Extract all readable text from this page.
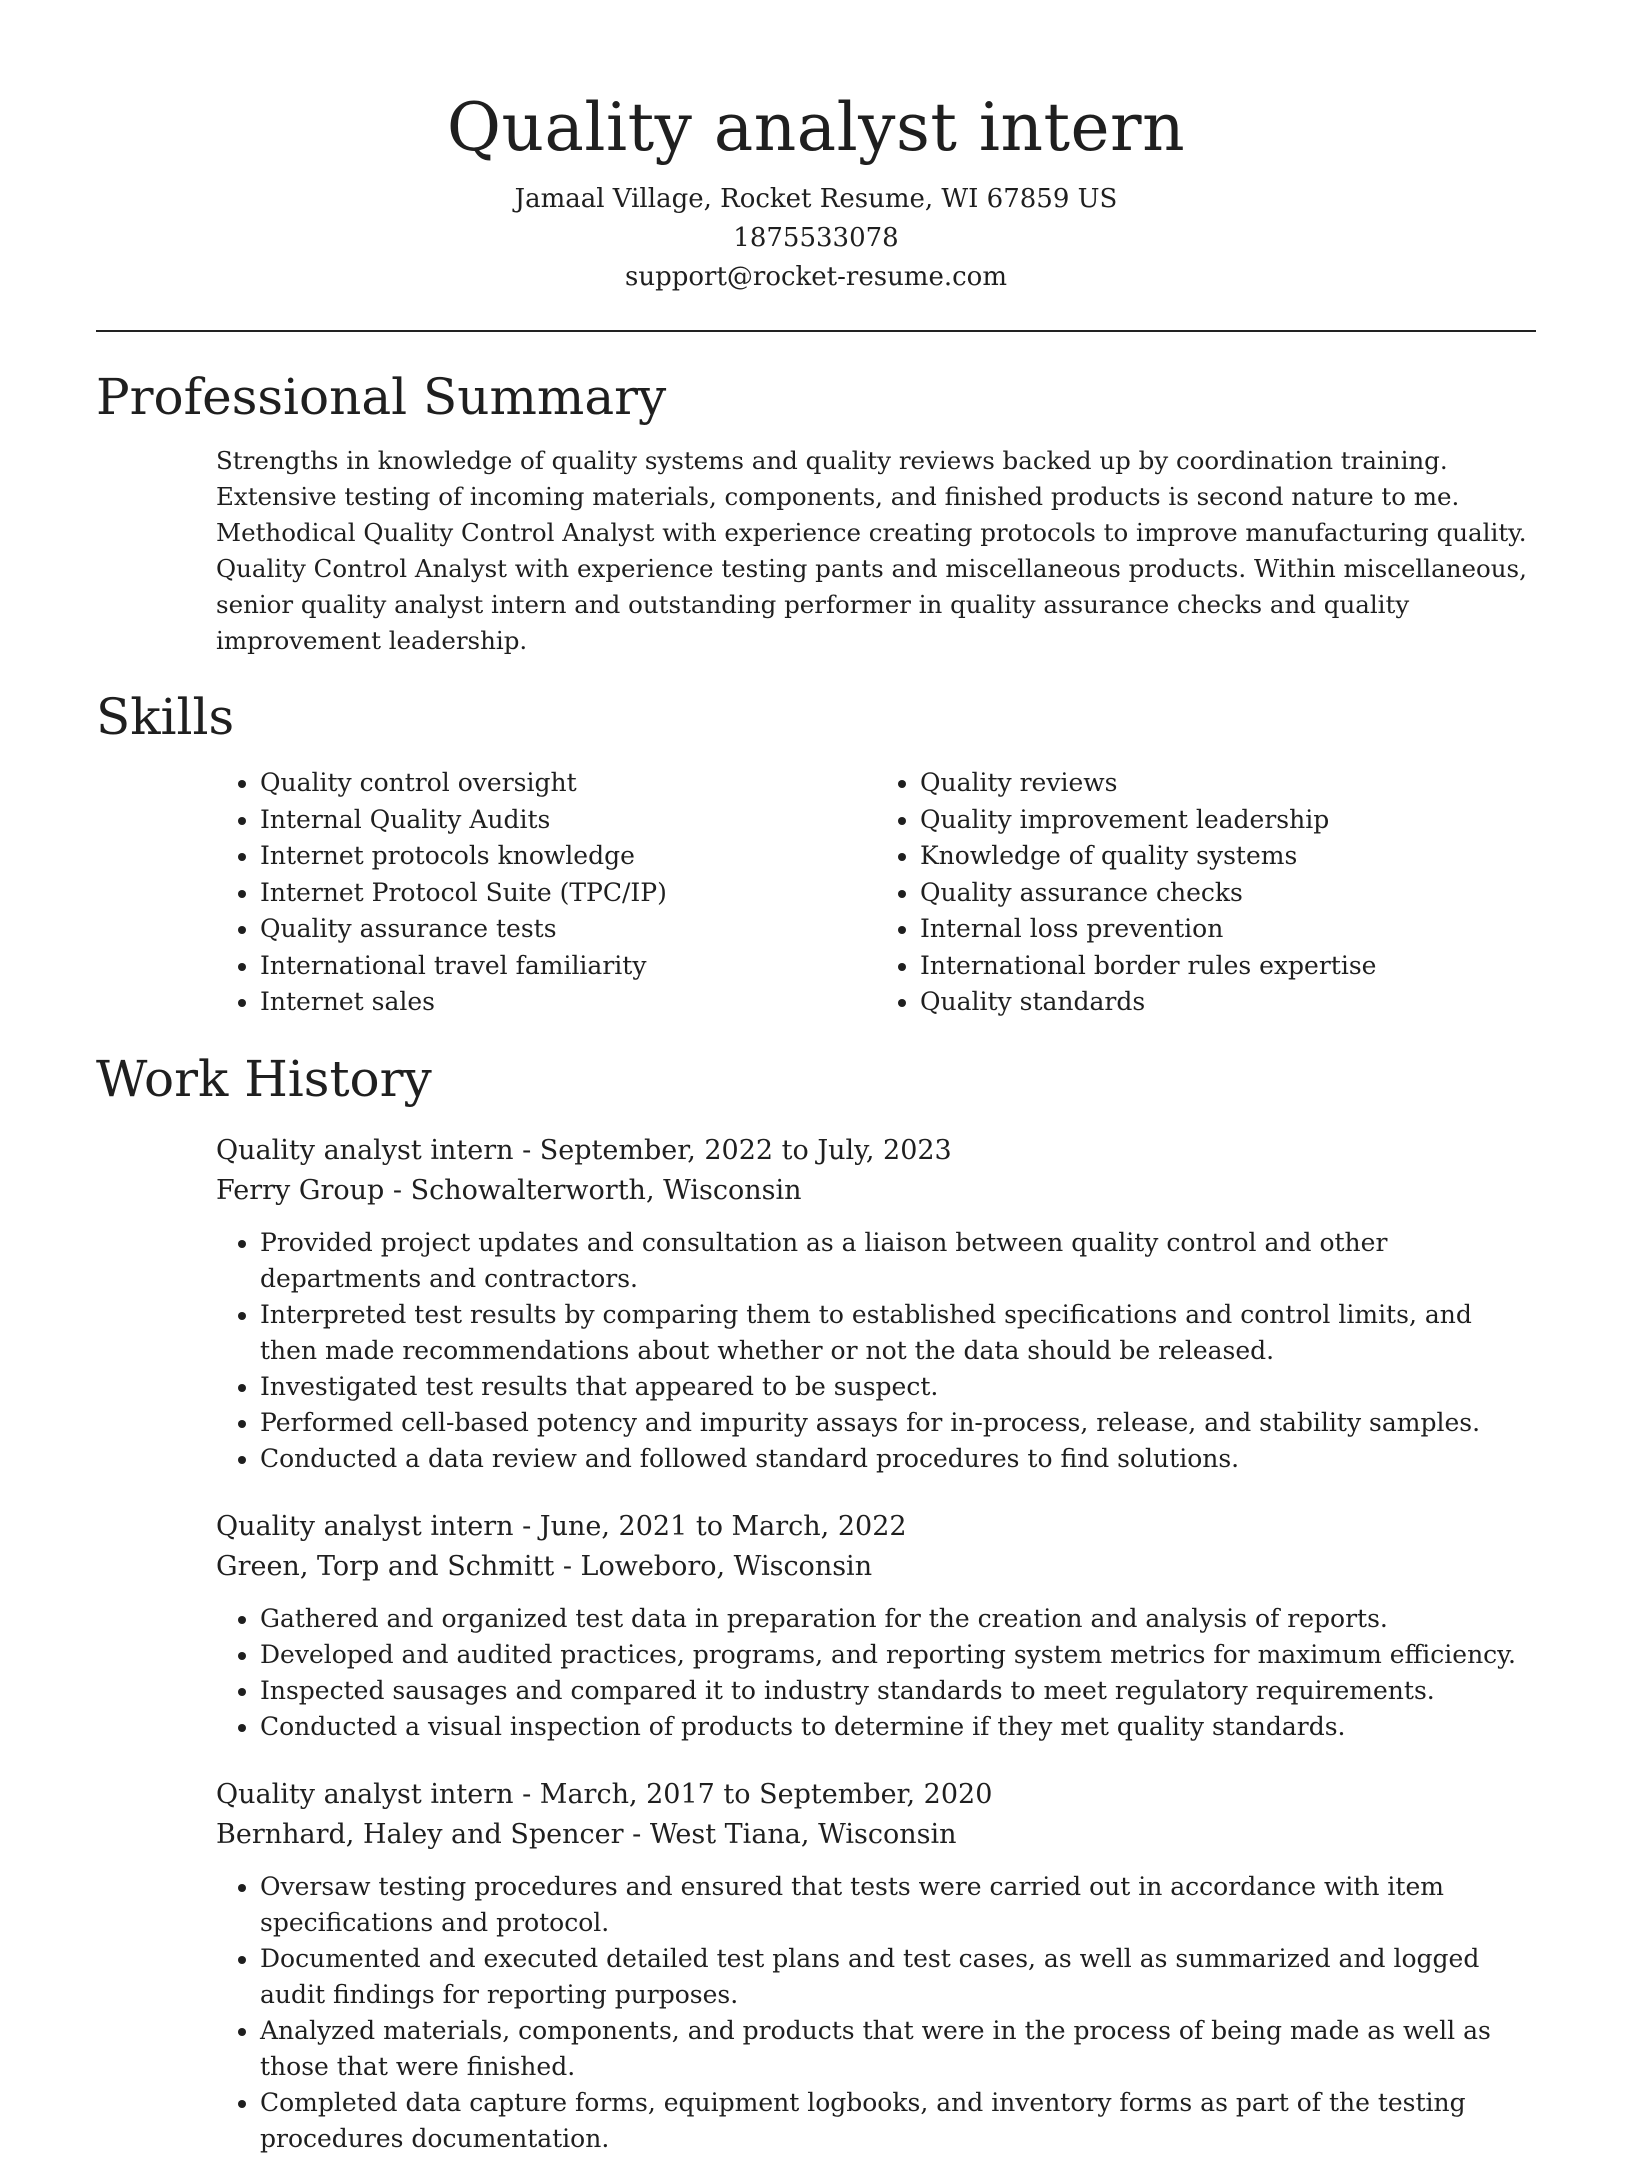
Quality analyst intern
Jamaal Village, Rocket Resume, WI 67859 US
1875533078
support@rocket-resume.com
Professional Summary

Strengths in knowledge of quality systems and quality reviews backed up by coordination training. Extensive testing of incoming materials, components, and finished products is second nature to me. Methodical Quality Control Analyst with experience creating protocols to improve manufacturing quality. Quality Control Analyst with experience testing pants and miscellaneous products. Within miscellaneous, senior quality analyst intern and outstanding performer in quality assurance checks and quality improvement leadership.

Skills
• Quality control oversight
• Internal Quality Audits
• Internet protocols knowledge
• Internet Protocol Suite (TPC/IP)
• Quality assurance tests
• International travel familiarity
• Internet sales
• Quality reviews
• Quality improvement leadership
• Knowledge of quality systems
• Quality assurance checks
• Internal loss prevention
• International border rules expertise
• Quality standards
Work History
Quality analyst intern - September, 2022 to July, 2023
Ferry Group - Schowalterworth, Wisconsin
• Provided project updates and consultation as a liaison between quality control and other departments and contractors.
• Interpreted test results by comparing them to established specifications and control limits, and then made recommendations about whether or not the data should be released.
• Investigated test results that appeared to be suspect.
• Performed cell-based potency and impurity assays for in-process, release, and stability samples.
• Conducted a data review and followed standard procedures to find solutions.
Quality analyst intern - June, 2021 to March, 2022
Green, Torp and Schmitt - Loweboro, Wisconsin
• Gathered and organized test data in preparation for the creation and analysis of reports.
• Developed and audited practices, programs, and reporting system metrics for maximum efficiency.
• Inspected sausages and compared it to industry standards to meet regulatory requirements.
• Conducted a visual inspection of products to determine if they met quality standards.
Quality analyst intern - March, 2017 to September, 2020
Bernhard, Haley and Spencer - West Tiana, Wisconsin
• Oversaw testing procedures and ensured that tests were carried out in accordance with item specifications and protocol.
• Documented and executed detailed test plans and test cases, as well as summarized and logged audit findings for reporting purposes.
• Analyzed materials, components, and products that were in the process of being made as well as those that were finished.
• Completed data capture forms, equipment logbooks, and inventory forms as part of the testing procedures documentation.
